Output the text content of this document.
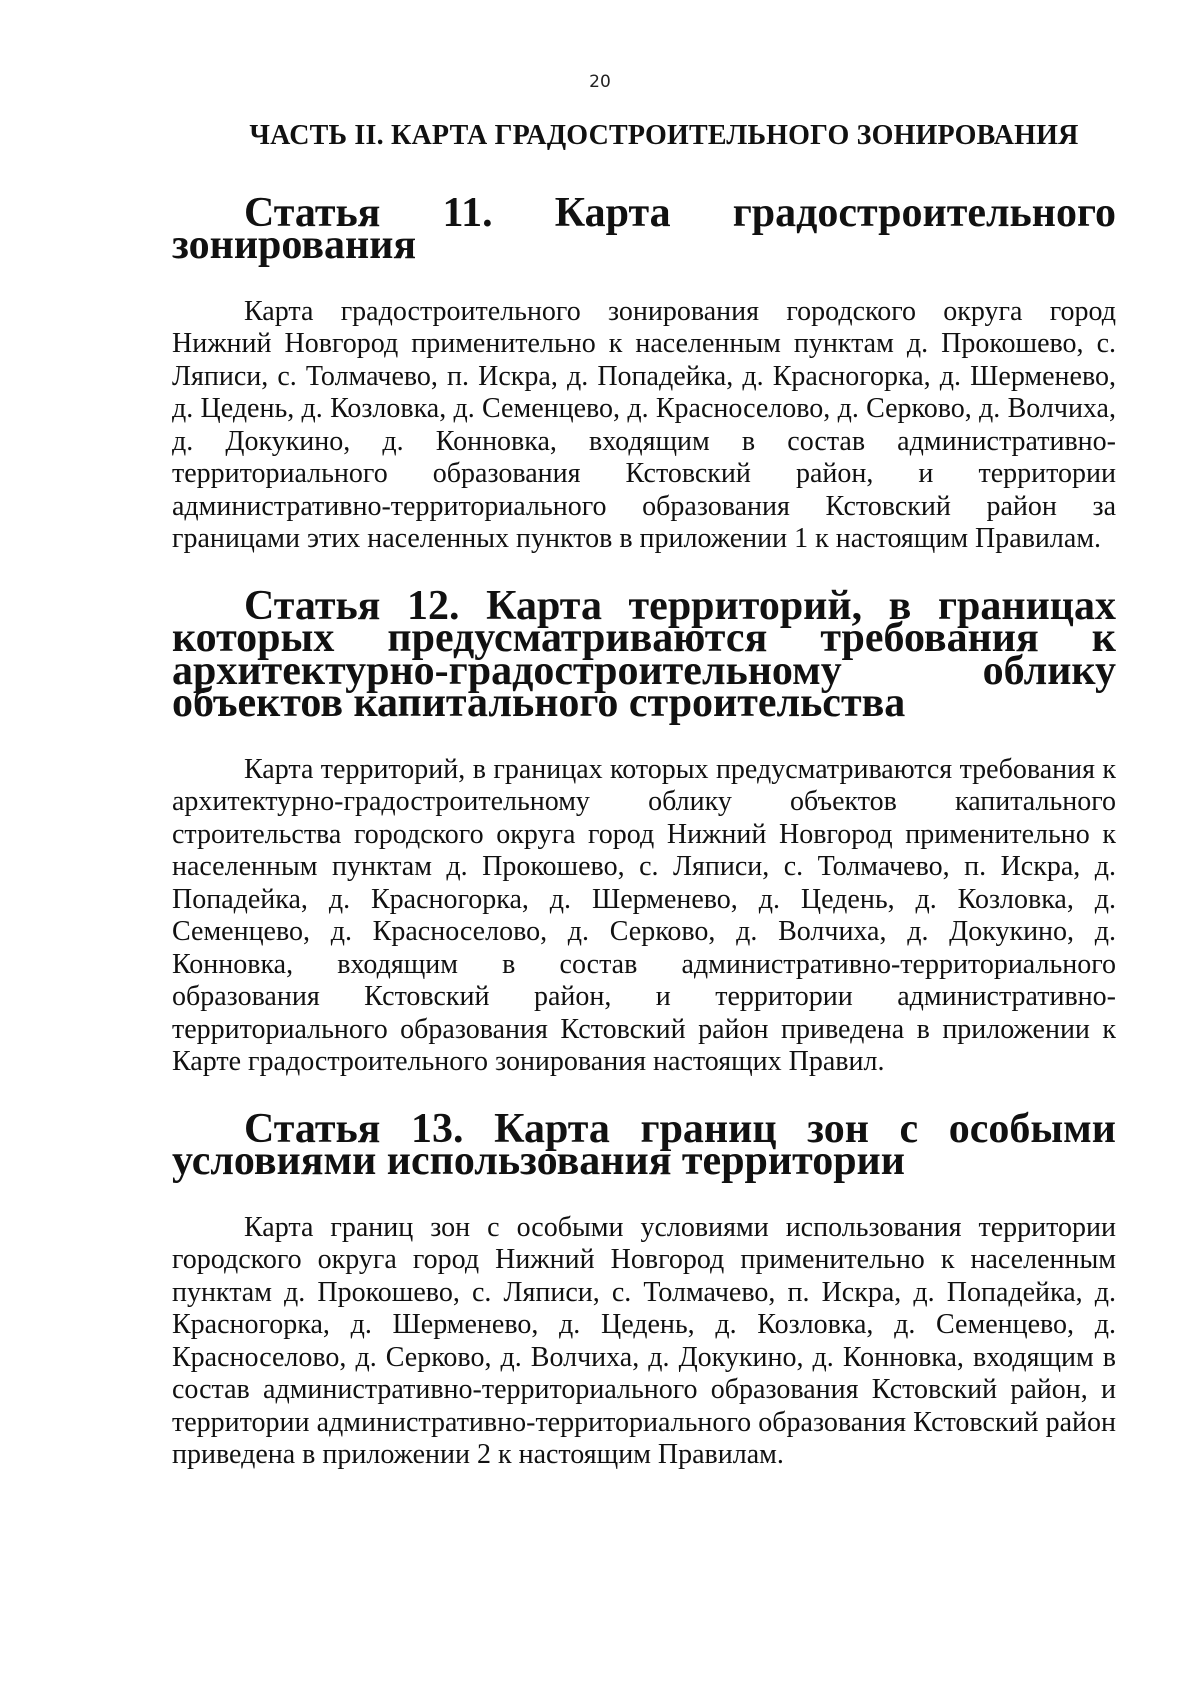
20
ЧАСТЬ II. КАРТА ГРАДОСТРОИТЕЛЬНОГО ЗОНИРОВАНИЯ
Статья 11. Карта градостроительного зонирования

Карта градостроительного зонирования городского округа город Нижний Новгород применительно к населенным пунктам д. Прокошево, с. Ляписи, с. Толмачево, п. Искра, д. Попадейка, д. Красногорка, д. Шерменево, д. Цедень, д. Козловка, д. Семенцево, д. Красноселово, д. Серково, д. Волчиха, д. Докукино, д. Конновка, входящим в состав административно-территориального образования Кстовский район, и территории административно-территориального образования Кстовский район за границами этих населенных пунктов в приложении 1 к настоящим Правилам.

Статья 12. Карта территорий, в границах которых предусматриваются требования к архитектурно-градостроительному облику объектов капитального строительства

Карта территорий, в границах которых предусматриваются требования к архитектурно-градостроительному облику объектов капитального строительства городского округа город Нижний Новгород применительно к населенным пунктам д. Прокошево, с. Ляписи, с. Толмачево, п. Искра, д. Попадейка, д. Красногорка, д. Шерменево, д. Цедень, д. Козловка, д. Семенцево, д. Красноселово, д. Серково, д. Волчиха, д. Докукино, д. Конновка, входящим в состав административно-территориального образования Кстовский район, и территории административно-территориального образования Кстовский район приведена в приложении к Карте градостроительного зонирования настоящих Правил.

Статья 13. Карта границ зон с особыми условиями использования территории

Карта границ зон с особыми условиями использования территории городского округа город Нижний Новгород применительно к населенным пунктам д. Прокошево, с. Ляписи, с. Толмачево, п. Искра, д. Попадейка, д. Красногорка, д. Шерменево, д. Цедень, д. Козловка, д. Семенцево, д. Красноселово, д. Серково, д. Волчиха, д. Докукино, д. Конновка, входящим в состав административно-территориального образования Кстовский район, и территории административно-территориального образования Кстовский район приведена в приложении 2 к настоящим Правилам.
